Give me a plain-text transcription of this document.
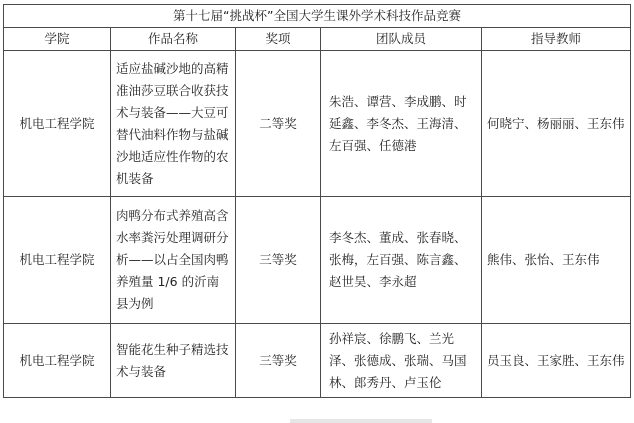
第十七届“挑战杯”全国大学生课外学术科技作品竞赛				
学院	作品名称	奖项	团队成员	指导教师
机电工程学院	适应盐碱沙地的高精准油莎豆联合收获技术与装备——大豆可替代油料作物与盐碱沙地适应性作物的农机装备	二等奖	朱浩、谭营、李成鹏、时延鑫、李冬杰、王海清、左百强、任德港	何晓宁、杨丽丽、王东伟
机电工程学院	肉鸭分布式养殖高含水率粪污处理调研分析——以占全国肉鸭养殖量 1/6 的沂南县为例	三等奖	李冬杰、董成、张春晓、张梅，左百强、陈言鑫、赵世昊、李永超	熊伟、张怡、王东伟
机电工程学院	智能花生种子精选技术与装备	三等奖	孙祥宸、徐鹏飞、兰光泽、张德成、张瑞、马国林、郎秀丹、卢玉伦	员玉良、王家胜、王东伟
